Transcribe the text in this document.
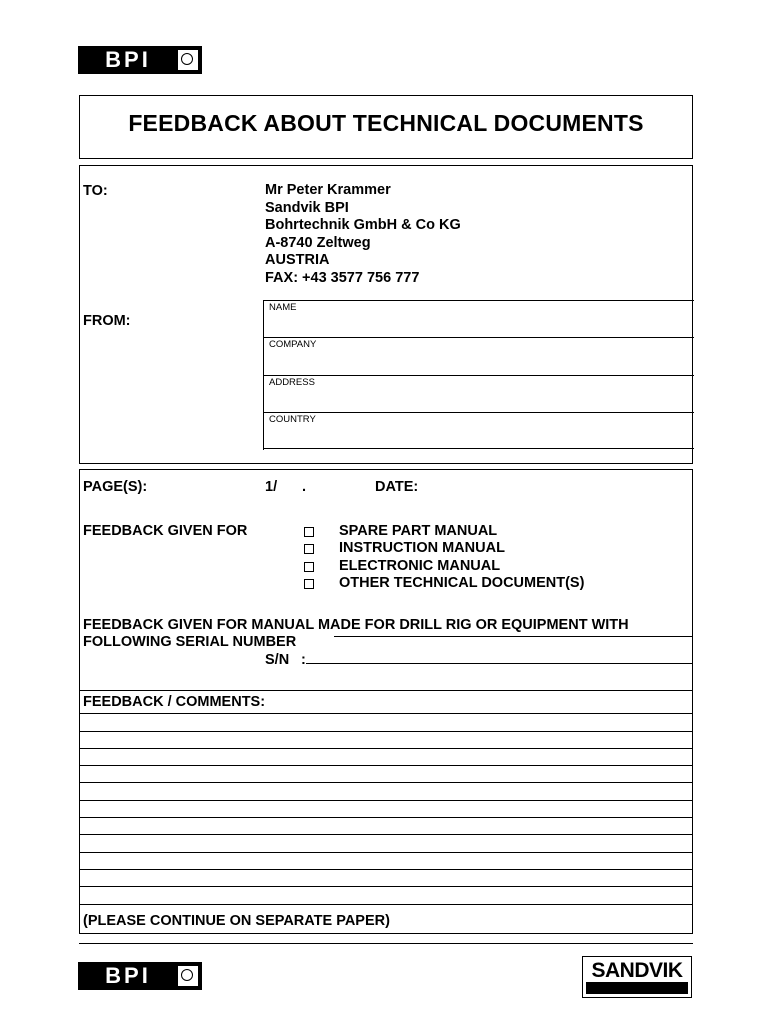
BPI
FEEDBACK ABOUT TECHNICAL DOCUMENTS
TO:	Mr Peter Krammer
Sandvik BPI
Bohrtechnik GmbH & Co KG
A-8740 Zeltweg
AUSTRIA
FAX: +43 3577 756 777
FROM:
NAME
COMPANY
ADDRESS
COUNTRY
PAGE(S):	1/ .	DATE:
FEEDBACK GIVEN FOR	SPARE PART MANUAL
INSTRUCTION MANUAL
ELECTRONIC MANUAL
OTHER TECHNICAL DOCUMENT(S)
FEEDBACK GIVEN FOR MANUAL MADE FOR DRILL RIG OR EQUIPMENT WITH
FOLLOWING SERIAL NUMBER
S/N :
FEEDBACK / COMMENTS:
(PLEASE CONTINUE ON SEPARATE PAPER)
BPI	SANDVIK
